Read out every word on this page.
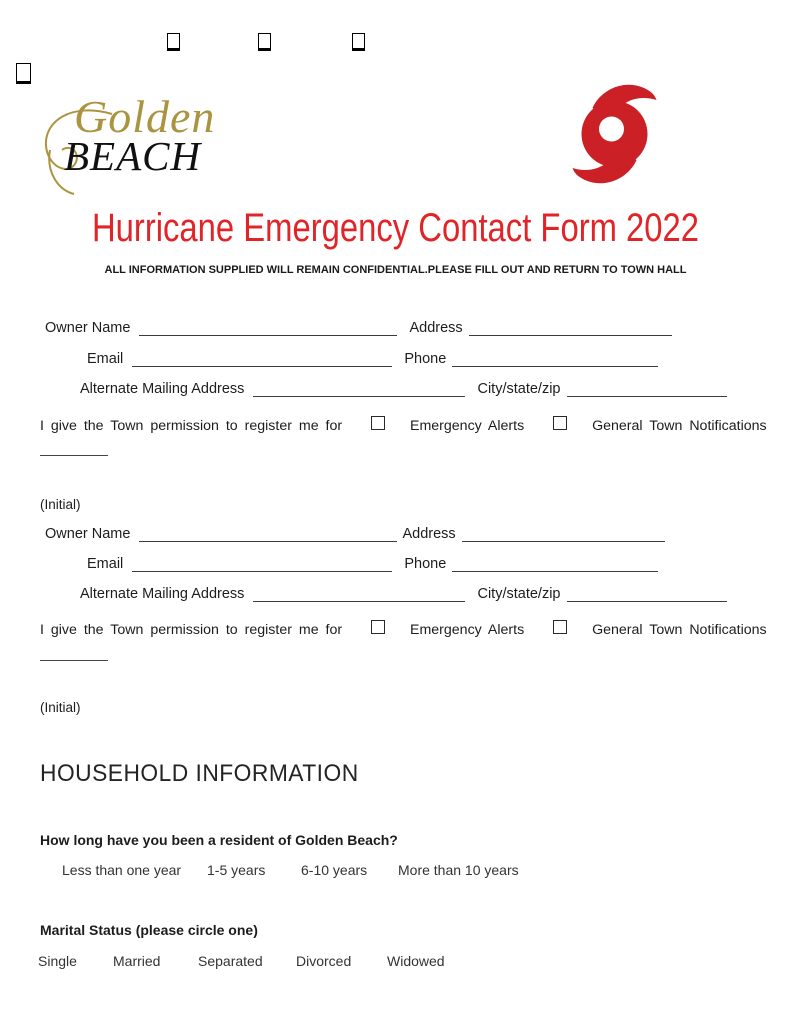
Golden
BEACH
Hurricane Emergency Contact Form 2022
ALL INFORMATION SUPPLIED WILL REMAIN CONFIDENTIAL.PLEASE FILL OUT AND RETURN TO TOWN HALL
Owner Name	Address
Email	Phone
Alternate Mailing Address	City/state/zip
I give the Town permission to register me for	Emergency Alerts	General Town Notifications
(Initial)
Owner Name	Address
Email	Phone
Alternate Mailing Address	City/state/zip
I give the Town permission to register me for	Emergency Alerts	General Town Notifications
(Initial)
HOUSEHOLD INFORMATION
How long have you been a resident of Golden Beach?
Less than one year 1-5 years	6-10 years More than 10 years
Marital Status (please circle one)
Single	Married	Separated Divorced	Widowed
